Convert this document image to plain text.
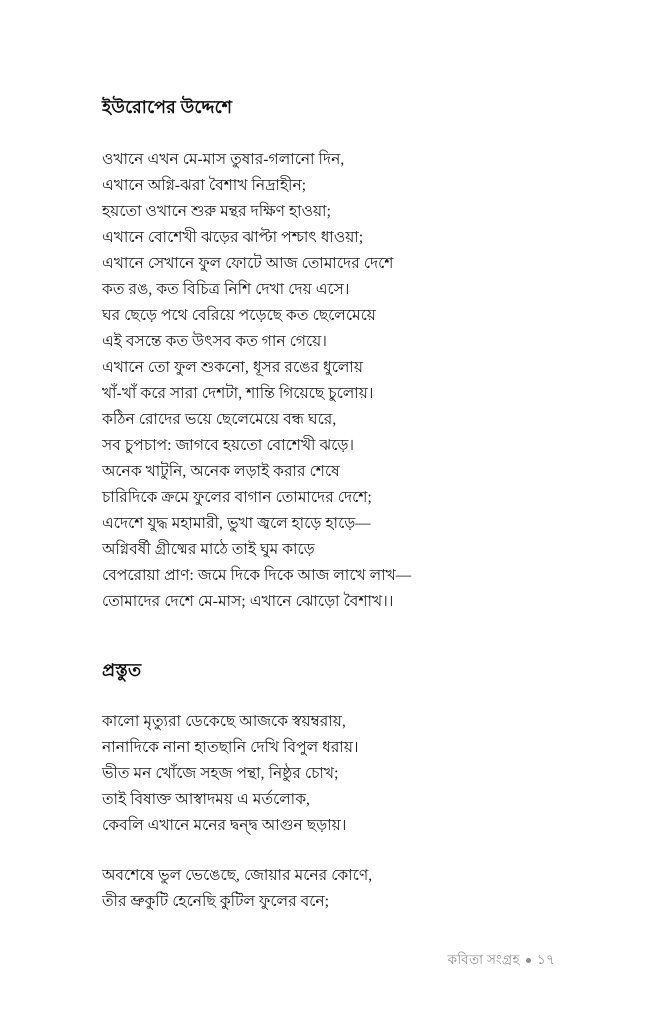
ইউরোপের উদ্দেশে
ওখানে এখন মে-মাস তুষার-গলানো দিন,
এখানে অগ্নি-ঝরা বৈশাখ নিদ্রাহীন;
হয়তো ওখানে শুরু মন্থর দক্ষিণ হাওয়া;
এখানে বোশেখী ঝড়ের ঝাপ্টা পশ্চাৎ ধাওয়া;
এখানে সেখানে ফুল ফোটে আজ তোমাদের দেশে
কত রঙ, কত বিচিত্র নিশি দেখা দেয় এসে।
ঘর ছেড়ে পথে বেরিয়ে পড়েছে কত ছেলেমেয়ে
এই বসন্তে কত উৎসব কত গান গেয়ে।
এখানে তো ফুল শুকনো, ধূসর রঙের ধুলোয়
খাঁ-খাঁ করে সারা দেশটা, শান্তি গিয়েছে চুলোয়।
কঠিন রোদের ভয়ে ছেলেমেয়ে বন্ধ ঘরে,
সব চুপচাপ: জাগবে হয়তো বোশেখী ঝড়ে।
অনেক খাটুনি, অনেক লড়াই করার শেষে
চারিদিকে ক্রমে ফুলের বাগান তোমাদের দেশে;
এদেশে যুদ্ধ মহামারী, ভুখা জ্বলে হাড়ে হাড়ে—
অগ্নিবর্ষী গ্রীষ্মের মাঠে তাই ঘুম কাড়ে
বেপরোয়া প্রাণ: জমে দিকে দিকে আজ লাখে লাখ—
তোমাদের দেশে মে-মাস; এখানে ঝোড়ো বৈশাখ।।
প্রস্তুত
কালো মৃত্যুরা ডেকেছে আজকে স্বয়ম্বরায়,
নানাদিকে নানা হাতছানি দেখি বিপুল ধরায়।
ভীত মন খোঁজে সহজ পন্থা, নিষ্ঠুর চোখ;
তাই বিষাক্ত আস্বাদময় এ মর্তলোক,
কেবলি এখানে মনের দ্বন্দ্ব আগুন ছড়ায়।
অবশেষে ভুল ভেঙেছে, জোয়ার মনের কোণে,
তীর ভ্রুকুটি হেনেছি কুটিল ফুলের বনে;
কবিতা সংগ্রহ ১৭
